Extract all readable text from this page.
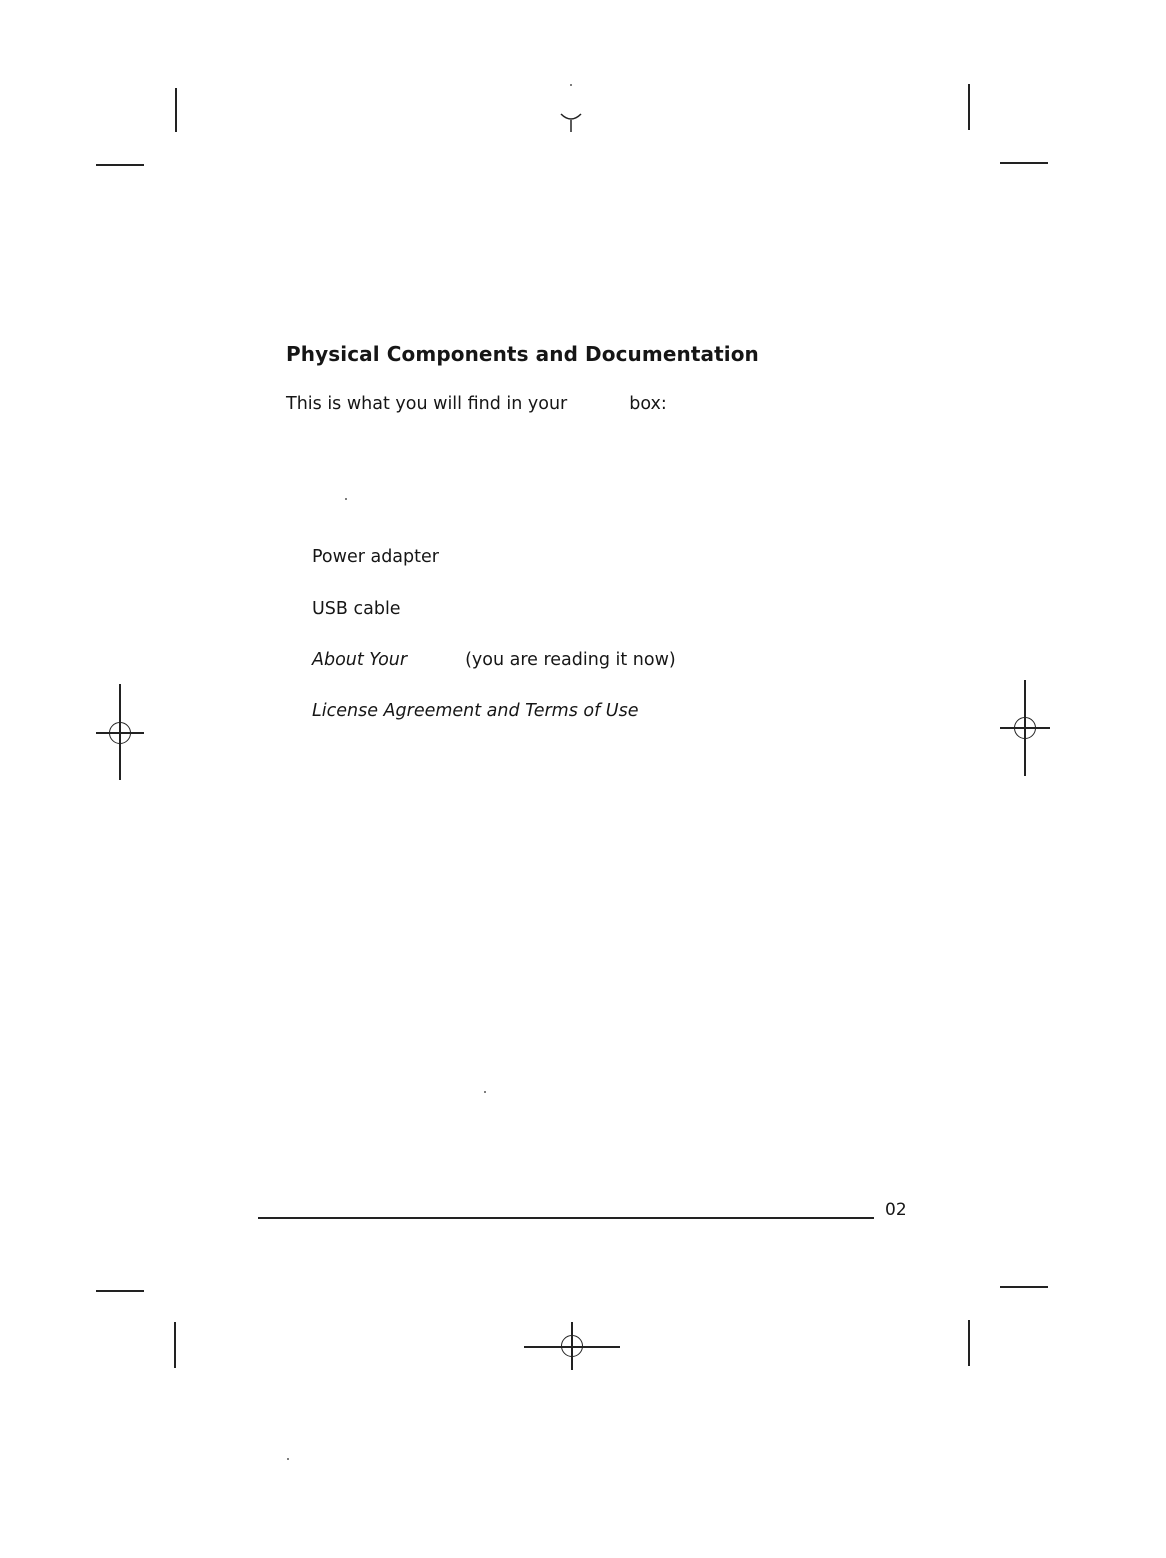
Physical Components and Documentation
This is what you will find in your	box:
Power adapter
USB cable
About Your	(you are reading it now)
License Agreement and Terms of Use
02
